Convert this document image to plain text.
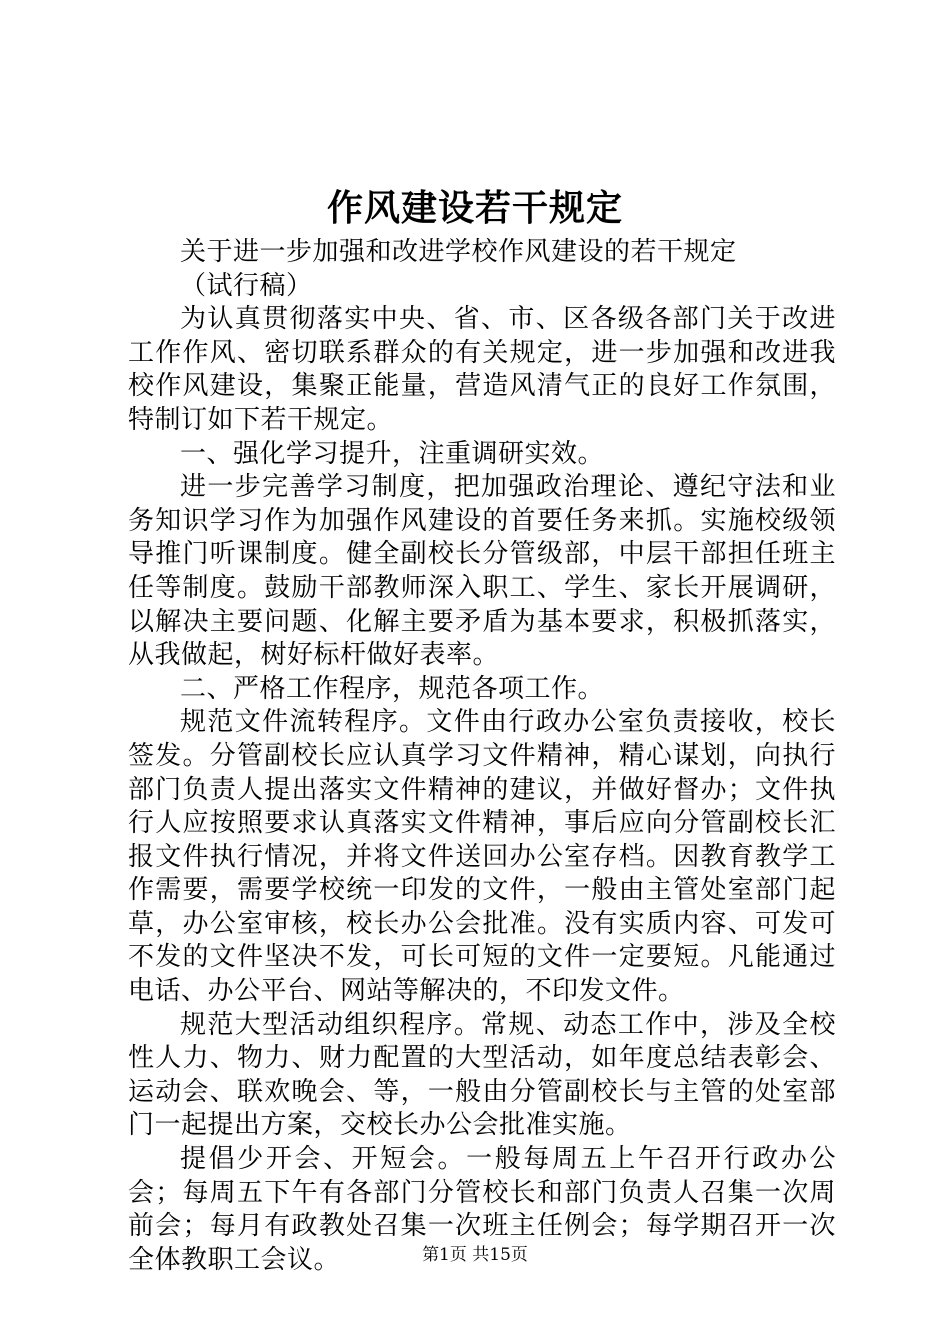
作风建设若干规定

关于进一步加强和改进学校作风建设的若干规定

（试行稿）

为认真贯彻落实中央、省、市、区各级各部门关于改进工作作风、密切联系群众的有关规定，进一步加强和改进我校作风建设，集聚正能量，营造风清气正的良好工作氛围，特制订如下若干规定。

一、强化学习提升，注重调研实效。

进一步完善学习制度，把加强政治理论、遵纪守法和业务知识学习作为加强作风建设的首要任务来抓。实施校级领导推门听课制度。健全副校长分管级部，中层干部担任班主任等制度。鼓励干部教师深入职工、学生、家长开展调研，以解决主要问题、化解主要矛盾为基本要求，积极抓落实，从我做起，树好标杆做好表率。

二、严格工作程序，规范各项工作。

规范文件流转程序。文件由行政办公室负责接收，校长签发。分管副校长应认真学习文件精神，精心谋划，向执行部门负责人提出落实文件精神的建议，并做好督办；文件执行人应按照要求认真落实文件精神，事后应向分管副校长汇报文件执行情况，并将文件送回办公室存档。因教育教学工作需要，需要学校统一印发的文件，一般由主管处室部门起草，办公室审核，校长办公会批准。没有实质内容、可发可不发的文件坚决不发，可长可短的文件一定要短。凡能通过电话、办公平台、网站等解决的，不印发文件。

规范大型活动组织程序。常规、动态工作中，涉及全校性人力、物力、财力配置的大型活动，如年度总结表彰会、运动会、联欢晚会、等，一般由分管副校长与主管的处室部门一起提出方案，交校长办公会批准实施。

提倡少开会、开短会。一般每周五上午召开行政办公会；每周五下午有各部门分管校长和部门负责人召集一次周前会；每月有政教处召集一次班主任例会；每学期召开一次全体教职工会议。	第1页 共15页
